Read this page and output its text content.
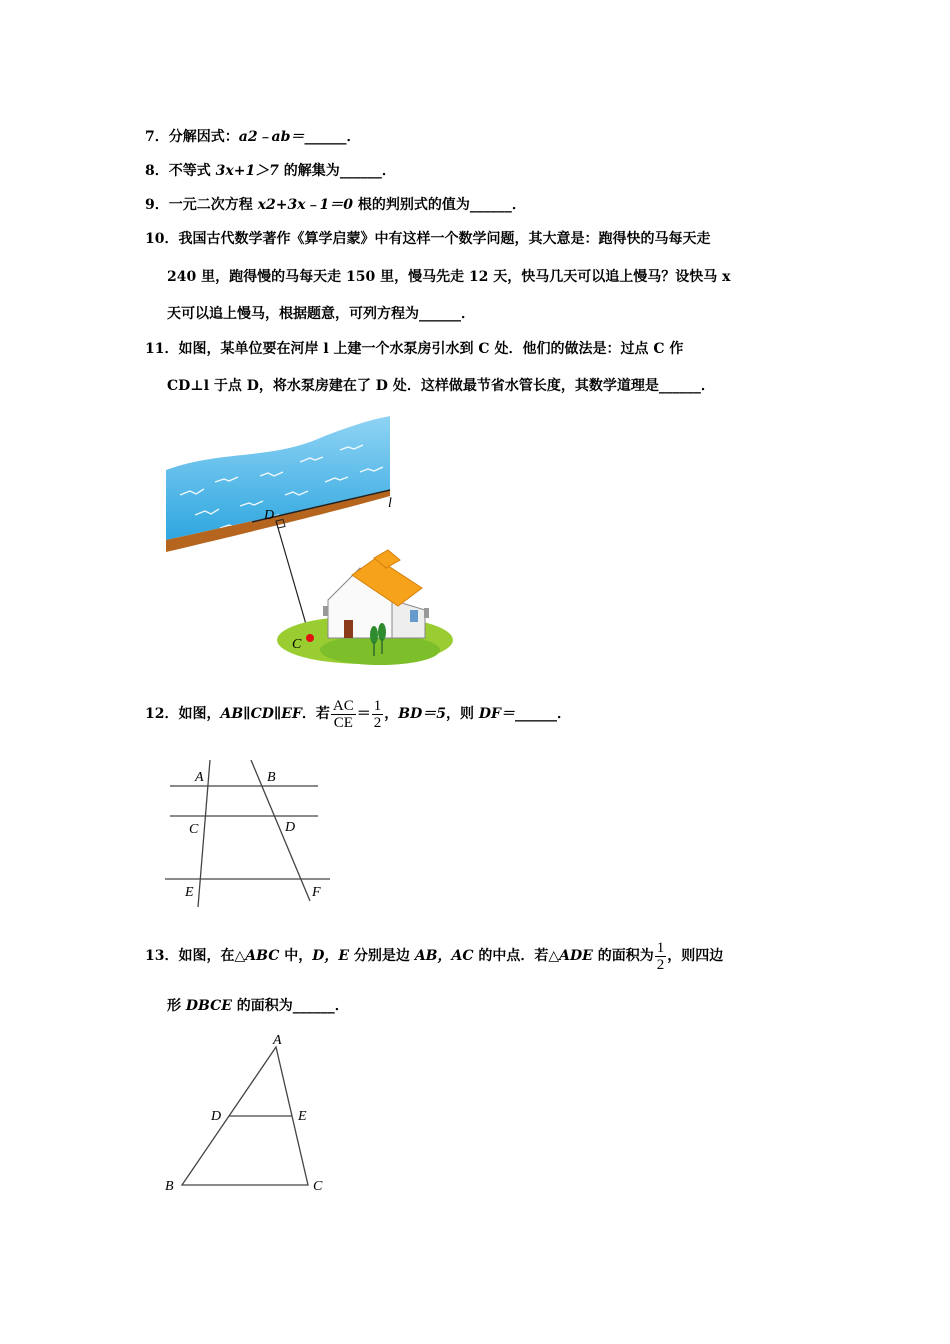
7．分解因式：a2﹣ab＝______．
8．不等式 3x+1＞7 的解集为______．
9．一元二次方程 x2+3x﹣1＝0 根的判别式的值为______．
10．我国古代数学著作《算学启蒙》中有这样一个数学问题，其大意是：跑得快的马每天走
240 里，跑得慢的马每天走 150 里，慢马先走 12 天，快马几天可以追上慢马？设快马 x
天可以追上慢马，根据题意，可列方程为______．
11．如图，某单位要在河岸 l 上建一个水泵房引水到 C 处．他们的做法是：过点 C 作
CD⊥l 于点 D，将水泵房建在了 D 处．这样做最节省水管长度，其数学道理是______．
l
D
C
12．如图，AB∥CD∥EF．若 $\frac{AC}{CE} = \frac{1}{2}$ ，BD＝5，则 DF＝______．
A	B
C	D
E	F
13．如图，在△ABC 中，D，E 分别是边 AB，AC 的中点．若△ADE 的面积为 $\frac{1}{2}$ ，则四边
形 DBCE 的面积为______．
A
D	E
B	C
